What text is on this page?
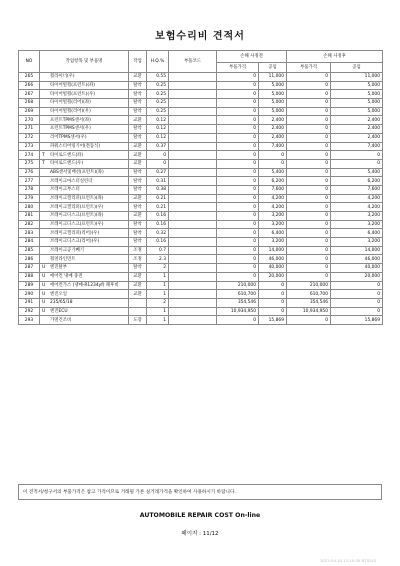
보험수리비 견적서
NO	작업항목 및 부품명	작업	H.Q.%	부품코드	손해 사정전		손해 사정후	
					부품가격	공임	부품가격	공임
265	휠라이너(우)	교환	0.55		0	11,000	0	11,000
266	타이어빌휠(프런트)(좌)	탈착	0.25		0	5,000	0	5,000
267	타이어빌휠(프런트)(우)	탈착	0.25		0	5,000	0	5,000
268	타이어빌휠(리어)(좌)	탈착	0.25		0	5,000	0	5,000
269	타이어빌휠(리어)(우)	탈착	0.25		0	5,000	0	5,000
270	프런트TPMS센서(좌)	교환	0.12		0	2,400	0	2,400
271	프런트TPMS센서(우)	탈착	0.12		0	2,400	0	2,400
272	리어TPMS센서(우)	탈착	0.12		0	2,400	0	2,400
273	파워스티어링기어(전동식)	교환	0.37		0	7,400	0	7,400
274	T 타이로드엔드(좌)	교환	0		0	0	0	0
275	T 타이로드엔드(우)	교환	0		0	0	0	0
276	ABS센서및배선(프런트)(좌)	탈착	0.27		0	5,400	0	5,400
277	브레이크마스터실린더	탈착	0.31		0	6,200	0	6,200
278	브레이크부스터	탈착	0.38		0	7,600	0	7,600
279	브레이크캘리퍼(프런트)(좌)	교환	0.21		0	4,200	0	4,200
280	브레이크캘리퍼(프런트)(우)	탈착	0.21		0	4,200	0	4,200
281	브레이크디스크(프런트)(좌)	교환	0.16		0	3,200	0	3,200
282	브레이크디스크(프런트)(우)	탈착	0.16		0	3,200	0	3,200
283	브레이크캘리퍼(리어)(우)	탈착	0.32		0	6,400	0	6,400
284	브레이크디스크(리어)(우)	탈착	0.16		0	3,200	0	3,200
285	브레이크공기빼기	조정	0.7		0	14,000	0	14,000
286	휠얼라인먼트	조정	2.3		0	46,000	0	46,000
287	U 엔진탈부	탈착	2		0	40,000	0	40,000
288	U 에어컨 냉매 충전	교환	1		0	20,000	0	20,000
289	U 에어컨가스 (냉매-R1234yf) 폐후비	교환	1		210,000	0	210,000	0
290	U 엔진오일	교환	1		610,700	0	610,700	0
291	U 235/65/18		2		354,546	0	354,546	0
292	U 엔진ECU		1		10,934,950	0	10,934,950	0
293	가열건조비	도장	1		0	15,869	0	15,869
이 견적서/청구서의 부품가격은 참고 가격이므로 거래될 가론 실거래가격을 확인하여 사용하시기 바랍니다.
AUTOMOBILE REPAIR COST On-line
페이지 : 11/12
2023-04-10 11:10:30 R70243
